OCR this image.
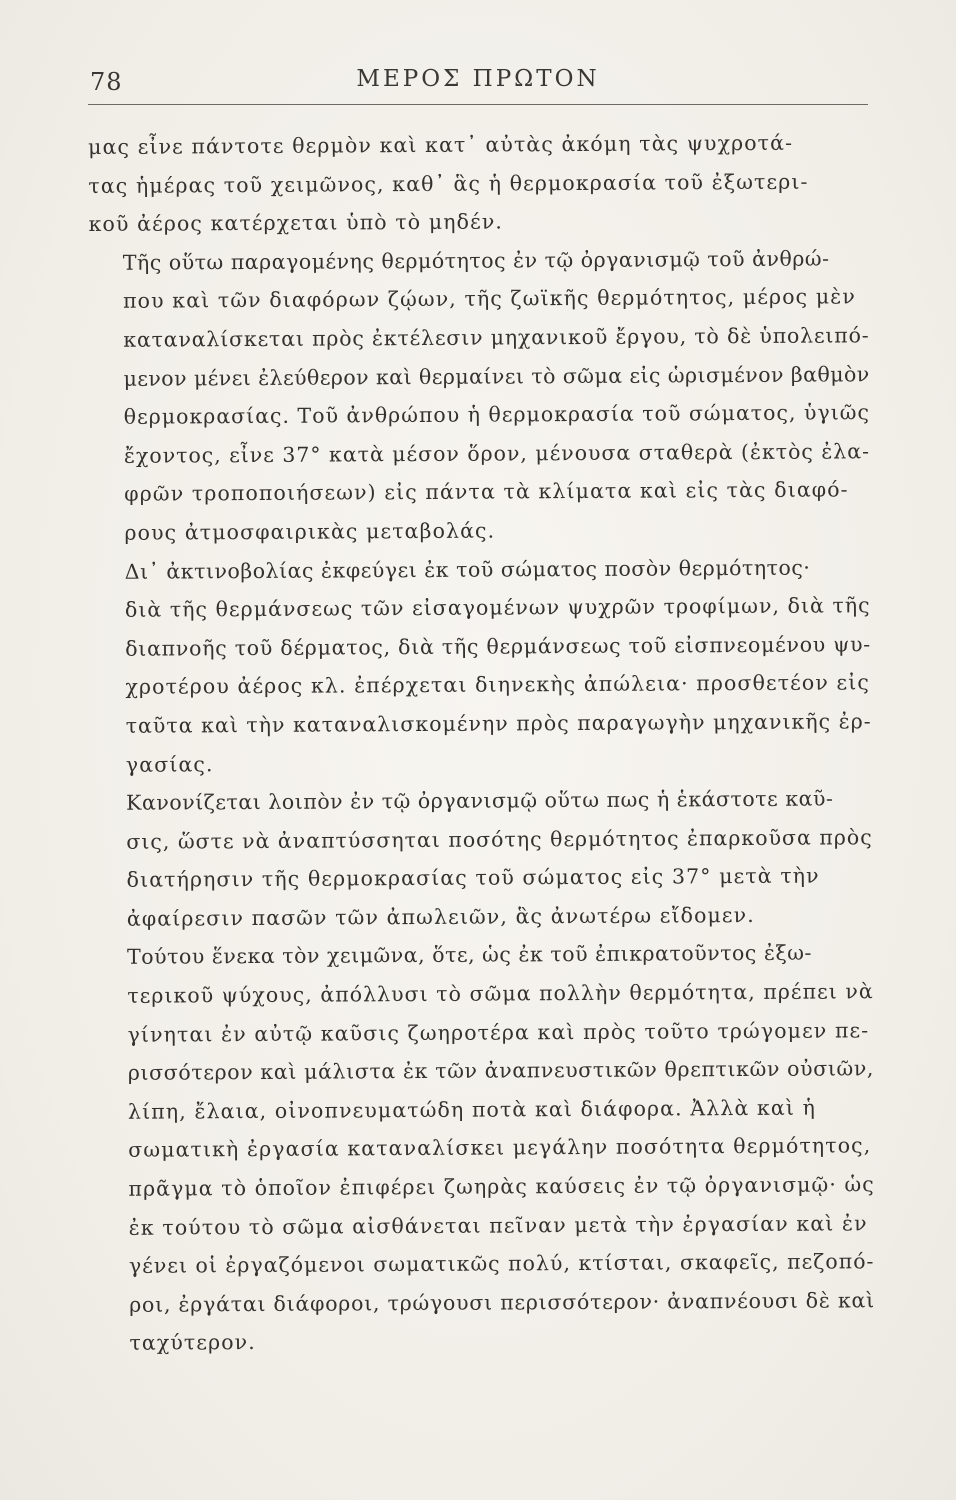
78	ΜΕΡΟΣ ΠΡΩΤΟΝ

μας εἶνε πάντοτε θερμὸν καὶ κατ᾽ αὐτὰς ἀκόμη τὰς ψυχροτά-
τας ἡμέρας τοῦ χειμῶνος, καθ᾽ ἃς ἡ θερμοκρασία τοῦ ἐξωτερι-
κοῦ ἀέρος κατέρχεται ὑπὸ τὸ μηδέν.

Τῆς οὕτω παραγομένης θερμότητος ἐν τῷ ὀργανισμῷ τοῦ ἀνθρώ-
που καὶ τῶν διαφόρων ζῴων, τῆς ζωϊκῆς θερμότητος, μέρος μὲν
καταναλίσκεται πρὸς ἐκτέλεσιν μηχανικοῦ ἔργου, τὸ δὲ ὑπολειπό-
μενον μένει ἐλεύθερον καὶ θερμαίνει τὸ σῶμα εἰς ὡρισμένον βαθμὸν
θερμοκρασίας. Τοῦ ἀνθρώπου ἡ θερμοκρασία τοῦ σώματος, ὑγιῶς
ἔχοντος, εἶνε 37° κατὰ μέσον ὅρον, μένουσα σταθερὰ (ἐκτὸς ἐλα-
φρῶν τροποποιήσεων) εἰς πάντα τὰ κλίματα καὶ εἰς τὰς διαφό-
ρους ἀτμοσφαιρικὰς μεταβολάς.

Δι᾽ ἀκτινοβολίας ἐκφεύγει ἐκ τοῦ σώματος ποσὸν θερμότητος·
διὰ τῆς θερμάνσεως τῶν εἰσαγομένων ψυχρῶν τροφίμων, διὰ τῆς
διαπνοῆς τοῦ δέρματος, διὰ τῆς θερμάνσεως τοῦ εἰσπνεομένου ψυ-
χροτέρου ἀέρος κλ. ἐπέρχεται διηνεκὴς ἀπώλεια· προσθετέον εἰς
ταῦτα καὶ τὴν καταναλισκομένην πρὸς παραγωγὴν μηχανικῆς ἐρ-
γασίας.

Κανονίζεται λοιπὸν ἐν τῷ ὀργανισμῷ οὕτω πως ἡ ἑκάστοτε καῦ-
σις, ὥστε νὰ ἀναπτύσσηται ποσότης θερμότητος ἐπαρκοῦσα πρὸς
διατήρησιν τῆς θερμοκρασίας τοῦ σώματος εἰς 37° μετὰ τὴν
ἀφαίρεσιν πασῶν τῶν ἀπωλειῶν, ἃς ἀνωτέρω εἴδομεν.

Τούτου ἕνεκα τὸν χειμῶνα, ὅτε, ὡς ἐκ τοῦ ἐπικρατοῦντος ἐξω-
τερικοῦ ψύχους, ἀπόλλυσι τὸ σῶμα πολλὴν θερμότητα, πρέπει νὰ
γίνηται ἐν αὐτῷ καῦσις ζωηροτέρα καὶ πρὸς τοῦτο τρώγομεν πε-
ρισσότερον καὶ μάλιστα ἐκ τῶν ἀναπνευστικῶν θρεπτικῶν οὐσιῶν,
λίπη, ἔλαια, οἰνοπνευματώδη ποτὰ καὶ διάφορα. Ἀλλὰ καὶ ἡ
σωματικὴ ἐργασία καταναλίσκει μεγάλην ποσότητα θερμότητος,
πρᾶγμα τὸ ὁποῖον ἐπιφέρει ζωηρὰς καύσεις ἐν τῷ ὀργανισμῷ· ὡς
ἐκ τούτου τὸ σῶμα αἰσθάνεται πεῖναν μετὰ τὴν ἐργασίαν καὶ ἐν
γένει οἱ ἐργαζόμενοι σωματικῶς πολύ, κτίσται, σκαφεῖς, πεζοπό-
ροι, ἐργάται διάφοροι, τρώγουσι περισσότερον· ἀναπνέουσι δὲ καὶ
ταχύτερον.
